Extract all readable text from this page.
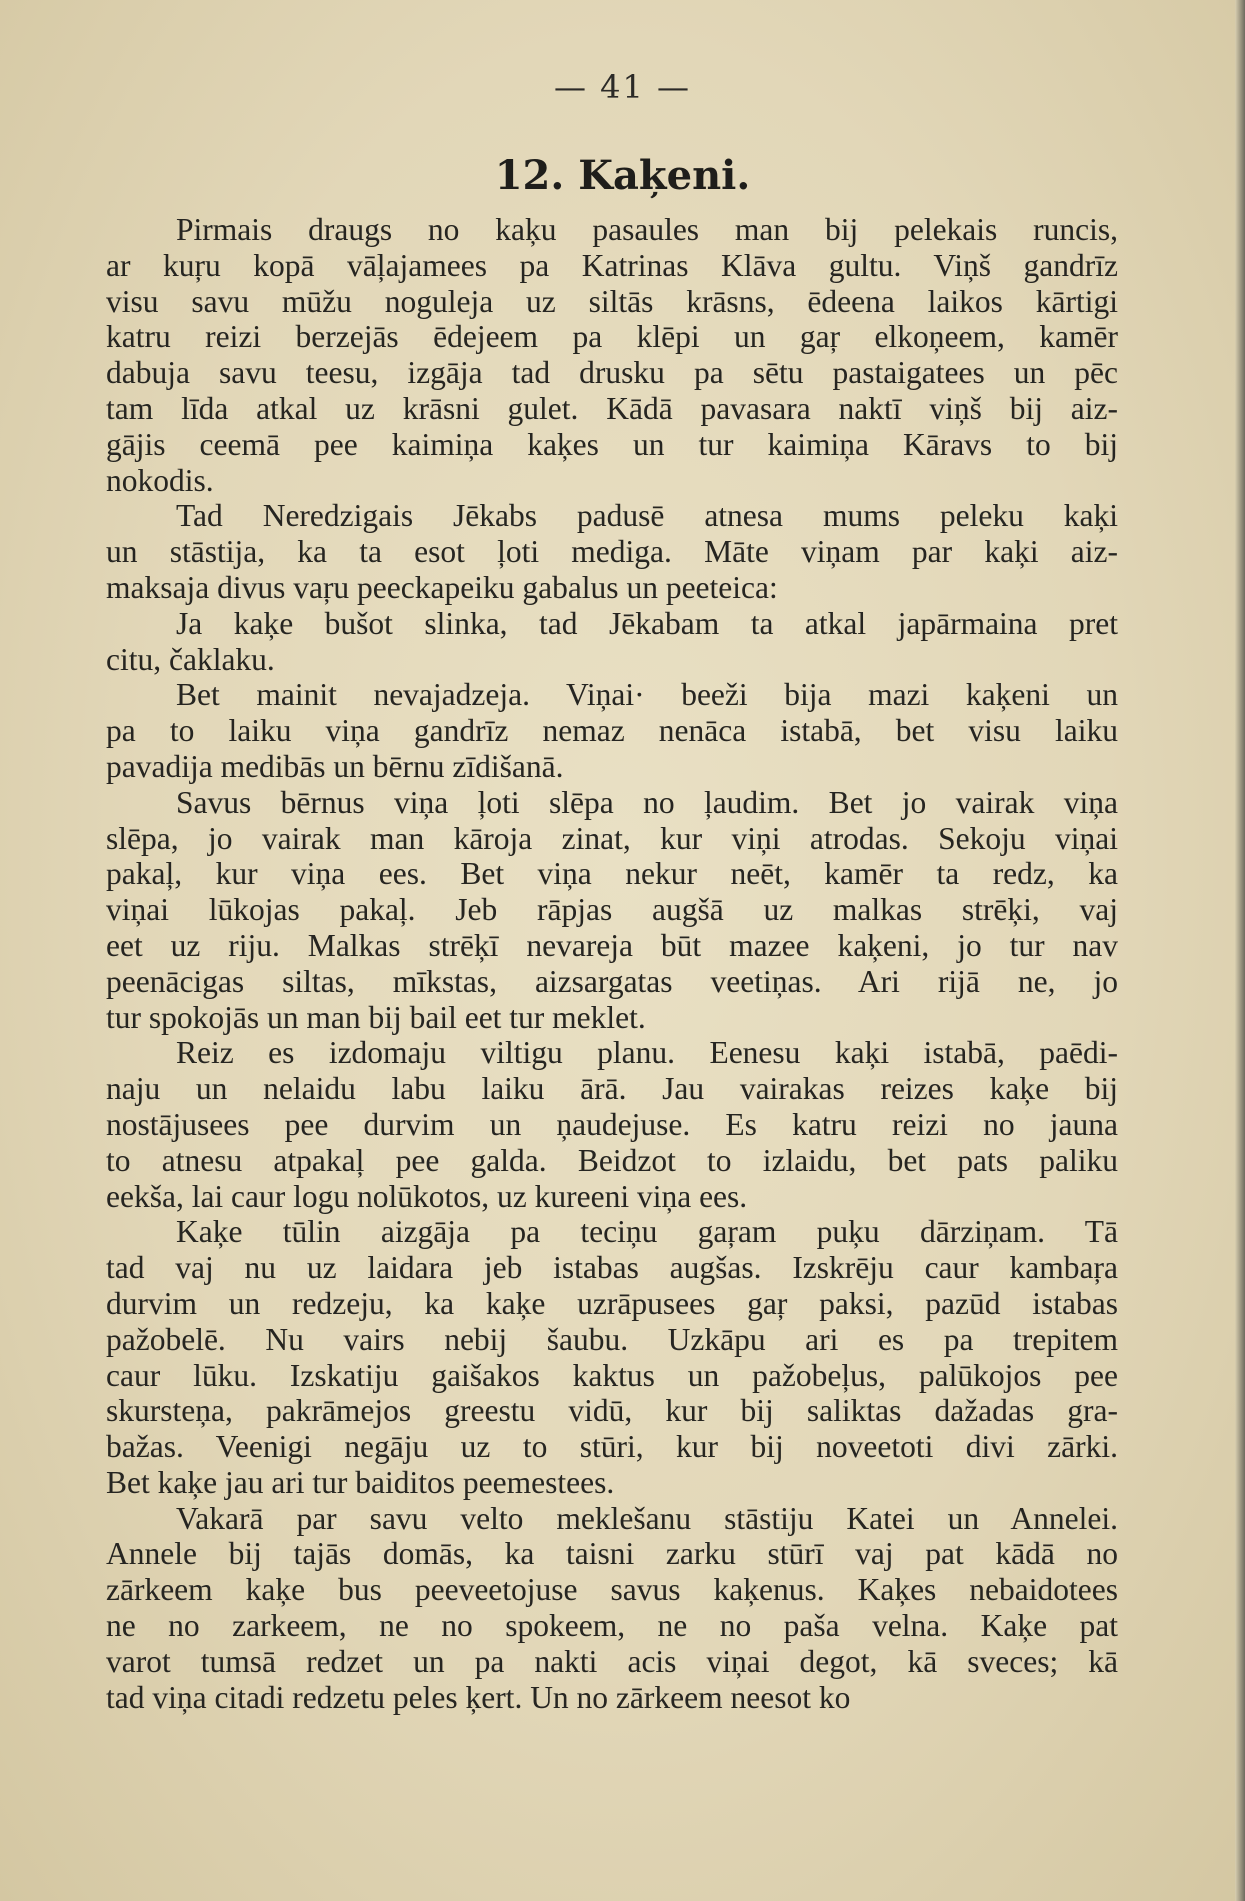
— 41 —
12. Kaķeni.
Pirmais draugs no kaķu pasaules man bij pelekais runcis,
ar kuŗu kopā vāļajamees pa Katrinas Klāva gultu. Viņš gandrīz
visu savu mūžu noguleja uz siltās krāsns, ēdeena laikos kārtigi
katru reizi berzejās ēdejeem pa klēpi un gaŗ elkoņeem, kamēr
dabuja savu teesu, izgāja tad drusku pa sētu pastaigatees un pēc
tam līda atkal uz krāsni gulet. Kādā pavasara naktī viņš bij aiz-
gājis ceemā pee kaimiņa kaķes un tur kaimiņa Kāravs to bij
nokodis.
Tad Neredzigais Jēkabs padusē atnesa mums peleku kaķi
un stāstija, ka ta esot ļoti mediga. Māte viņam par kaķi aiz-
maksaja divus vaŗu peeckapeiku gabalus un peeteica:
Ja kaķe bušot slinka, tad Jēkabam ta atkal japārmaina pret
citu, čaklaku.
Bet mainit nevajadzeja. Viņai· beeži bija mazi kaķeni un
pa to laiku viņa gandrīz nemaz nenāca istabā, bet visu laiku
pavadija medibās un bērnu zīdišanā.
Savus bērnus viņa ļoti slēpa no ļaudim. Bet jo vairak viņa
slēpa, jo vairak man kāroja zinat, kur viņi atrodas. Sekoju viņai
pakaļ, kur viņa ees. Bet viņa nekur neēt, kamēr ta redz, ka
viņai lūkojas pakaļ. Jeb rāpjas augšā uz malkas strēķi, vaj
eet uz riju. Malkas strēķī nevareja būt mazee kaķeni, jo tur nav
peenācigas siltas, mīkstas, aizsargatas veetiņas. Ari rijā ne, jo
tur spokojās un man bij bail eet tur meklet.
Reiz es izdomaju viltigu planu. Eenesu kaķi istabā, paēdi-
naju un nelaidu labu laiku ārā. Jau vairakas reizes kaķe bij
nostājusees pee durvim un ņaudejuse. Es katru reizi no jauna
to atnesu atpakaļ pee galda. Beidzot to izlaidu, bet pats paliku
eekša, lai caur logu nolūkotos, uz kureeni viņa ees.
Kaķe tūlin aizgāja pa teciņu gaŗam puķu dārziņam. Tā
tad vaj nu uz laidara jeb istabas augšas. Izskrēju caur kambaŗa
durvim un redzeju, ka kaķe uzrāpusees gaŗ paksi, pazūd istabas
pažobelē. Nu vairs nebij šaubu. Uzkāpu ari es pa trepitem
caur lūku. Izskatiju gaišakos kaktus un pažobeļus, palūkojos pee
skursteņa, pakrāmejos greestu vidū, kur bij saliktas dažadas gra-
bažas. Veenigi negāju uz to stūri, kur bij noveetoti divi zārki.
Bet kaķe jau ari tur baiditos peemestees.
Vakarā par savu velto meklešanu stāstiju Katei un Annelei.
Annele bij tajās domās, ka taisni zarku stūrī vaj pat kādā no
zārkeem kaķe bus peeveetojuse savus kaķenus. Kaķes nebaidotees
ne no zarkeem, ne no spokeem, ne no paša velna. Kaķe pat
varot tumsā redzet un pa nakti acis viņai degot, kā sveces; kā
tad viņa citadi redzetu peles ķert. Un no zārkeem neesot ko
